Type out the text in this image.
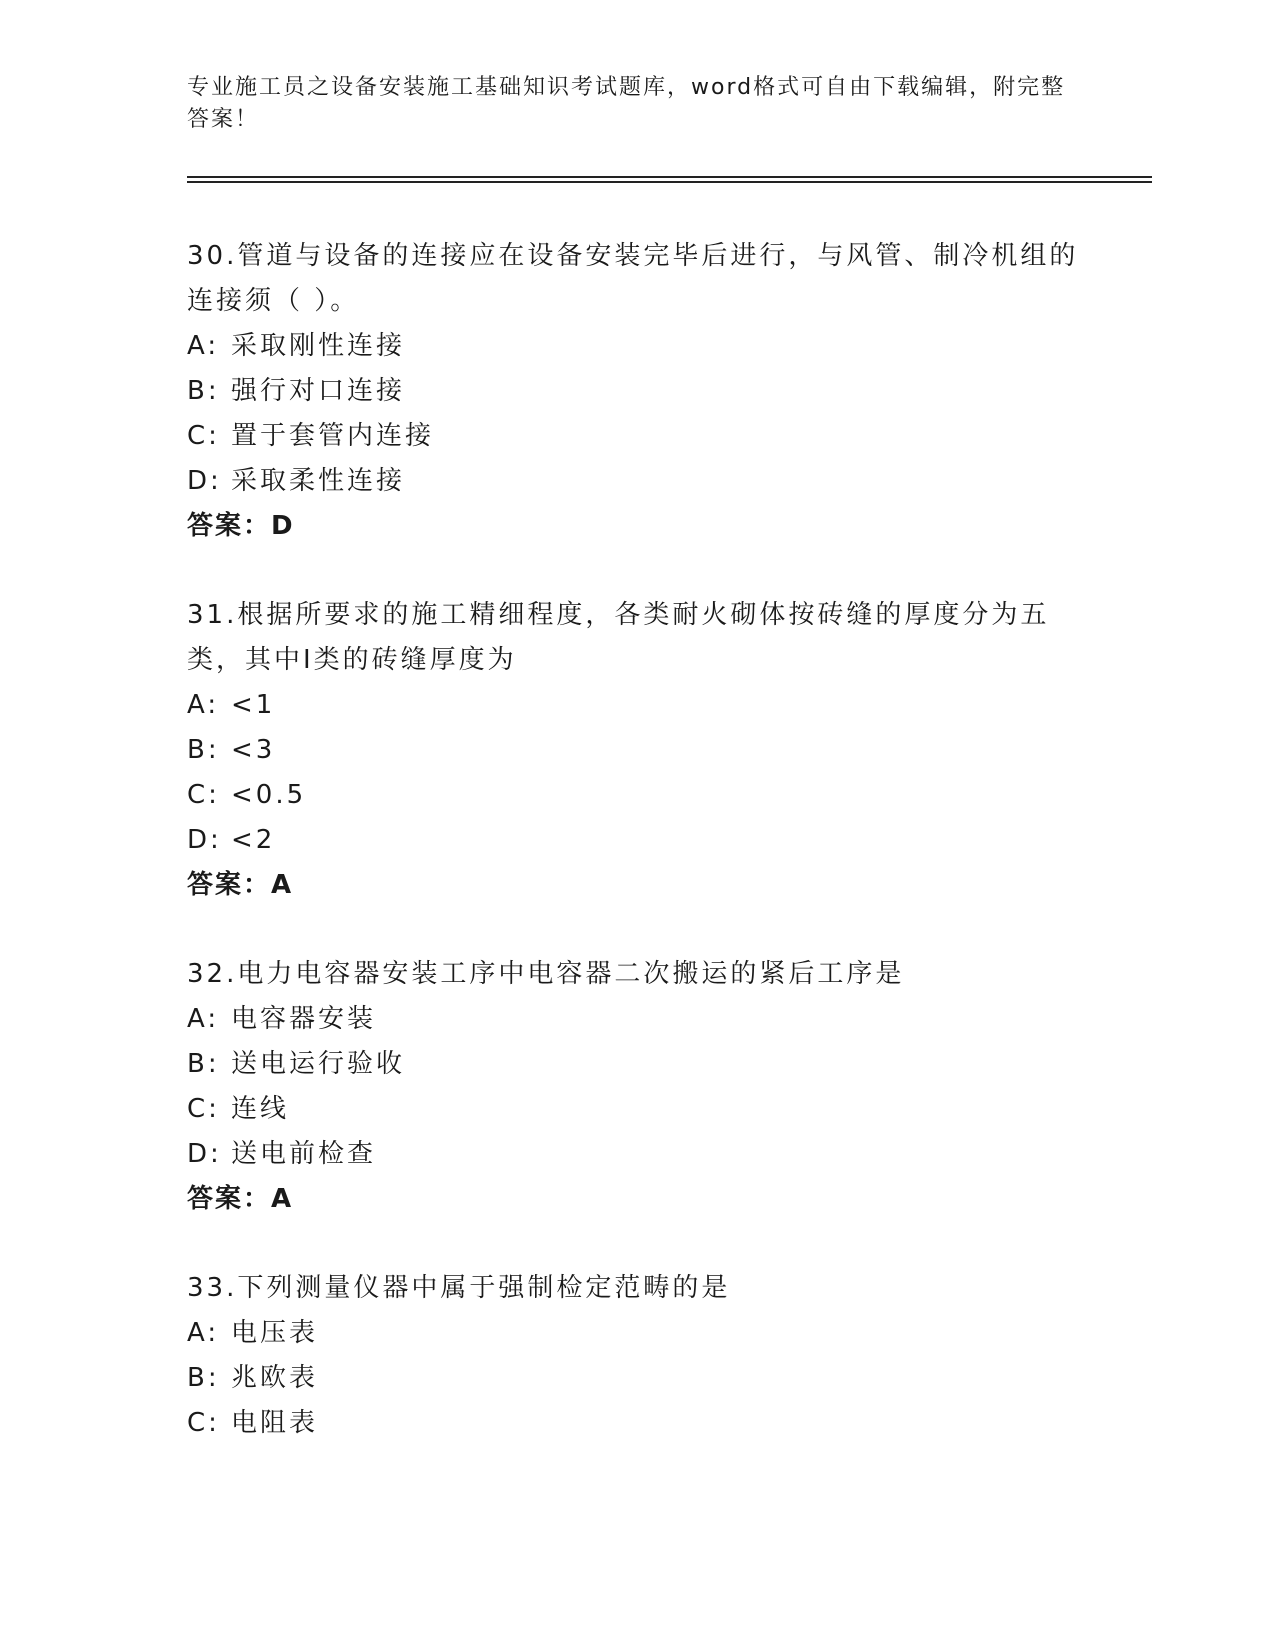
专业施工员之设备安装施工基础知识考试题库，word格式可自由下载编辑，附完整答案！

30.管道与设备的连接应在设备安装完毕后进行，与风管、制冷机组的连接须（ ）。

A: 采取刚性连接
B: 强行对口连接
C: 置于套管内连接
D: 采取柔性连接
答案：D

31.根据所要求的施工精细程度，各类耐火砌体按砖缝的厚度分为五类，其中Ⅰ类的砖缝厚度为

A: <1
B: <3
C: <0.5
D: <2
答案：A

32.电力电容器安装工序中电容器二次搬运的紧后工序是

A: 电容器安装
B: 送电运行验收
C: 连线
D: 送电前检查
答案：A

33.下列测量仪器中属于强制检定范畴的是

A: 电压表
B: 兆欧表
C: 电阻表
